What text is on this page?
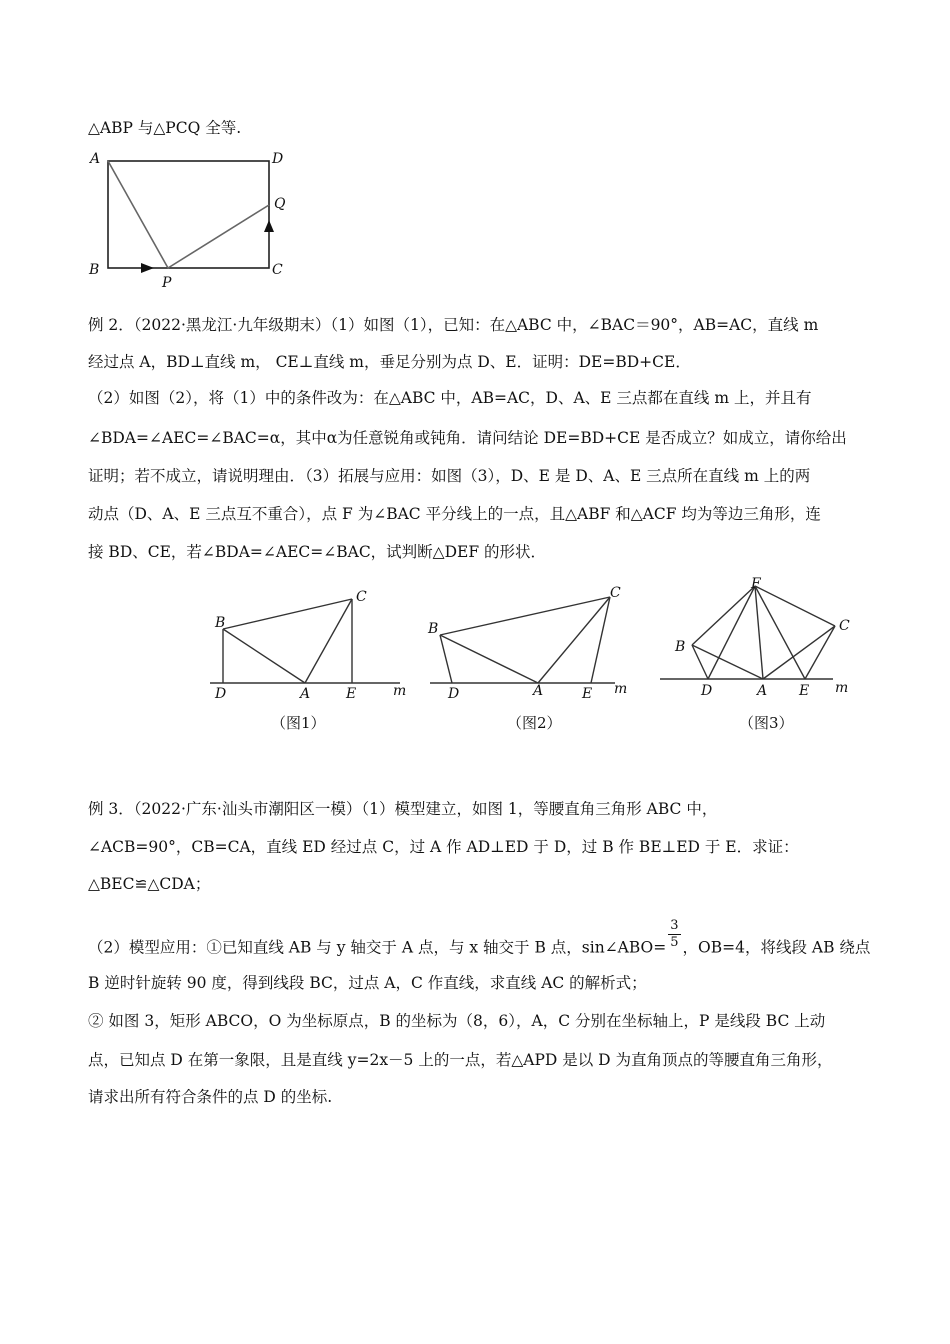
△ABP 与△PCQ 全等.
A	D
Q
B
P
C
例 2．（2022·黑龙江·九年级期末）（1）如图（1），已知：在△ABC 中，∠BAC＝90°，AB=AC，直线 m
经过点 A，BD⊥直线 m， CE⊥直线 m，垂足分别为点 D、E．证明：DE=BD+CE．
（2）如图（2），将（1）中的条件改为：在△ABC 中，AB=AC，D、A、E 三点都在直线 m 上，并且有
∠BDA=∠AEC=∠BAC=α，其中α为任意锐角或钝角．请问结论 DE=BD+CE 是否成立？如成立，请你给出
证明；若不成立，请说明理由．（3）拓展与应用：如图（3），D、E 是 D、A、E 三点所在直线 m 上的两
动点（D、A、E 三点互不重合），点 F 为∠BAC 平分线上的一点，且△ABF 和△ACF 均为等边三角形，连
接 BD、CE，若∠BDA=∠AEC=∠BAC，试判断△DEF 的形状．
B
C
D	A	E	m
B
C
D	A	E m
F
B
C
D	A E m
（图1）	（图2）	（图3）
例 3．（2022·广东·汕头市潮阳区一模）（1）模型建立，如图 1，等腰直角三角形 ABC 中，
∠ACB=90°，CB=CA，直线 ED 经过点 C，过 A 作 AD⊥ED 于 D，过 B 作 BE⊥ED 于 E．求证：
△BEC≌△CDA；
（2）模型应用：①已知直线 AB 与 y 轴交于 A 点，与 x 轴交于 B 点，sin∠ABO= $\frac{3}{5}$ ，OB=4，将线段 AB 绕点
B 逆时针旋转 90 度，得到线段 BC，过点 A，C 作直线，求直线 AC 的解析式；
② 如图 3，矩形 ABCO，O 为坐标原点，B 的坐标为（8，6），A，C 分别在坐标轴上，P 是线段 BC 上动
点，已知点 D 在第一象限，且是直线 y=2x－5 上的一点，若△APD 是以 D 为直角顶点的等腰直角三角形，
请求出所有符合条件的点 D 的坐标.
